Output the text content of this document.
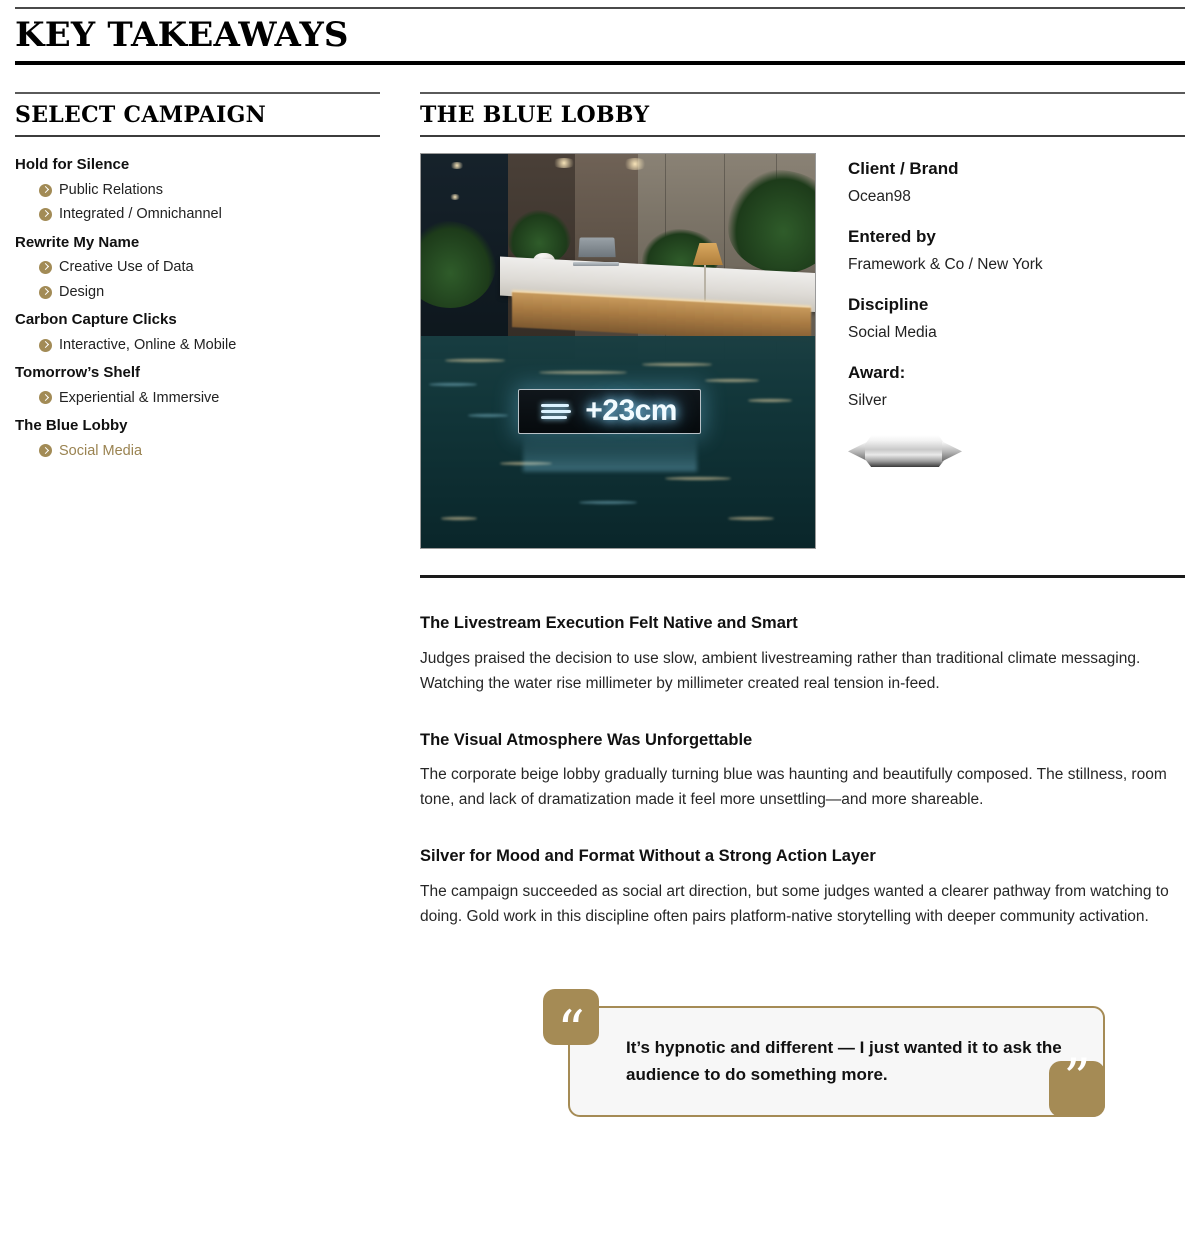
KEY TAKEAWAYS
SELECT CAMPAIGN
Hold for Silence
Public Relations
Integrated / Omnichannel
Rewrite My Name
Creative Use of Data
Design
Carbon Capture Clicks
Interactive, Online & Mobile
Tomorrow’s Shelf
Experiential & Immersive
The Blue Lobby
Social Media
THE BLUE LOBBY
+23cm
Client / Brand
Ocean98
Entered by
Framework & Co / New York
Discipline
Social Media
Award:
Silver
The Livestream Execution Felt Native and Smart
Judges praised the decision to use slow, ambient livestreaming rather than traditional climate messaging. Watching the water rise millimeter by millimeter created real tension in-feed.
The Visual Atmosphere Was Unforgettable
The corporate beige lobby gradually turning blue was haunting and beautifully composed. The stillness, room tone, and lack of dramatization made it feel more unsettling—and more shareable.
Silver for Mood and Format Without a Strong Action Layer
The campaign succeeded as social art direction, but some judges wanted a clearer pathway from watching to doing. Gold work in this discipline often pairs platform-native storytelling with deeper community activation.
It’s hypnotic and different — I just wanted it to ask the audience to do something more.
“
”
